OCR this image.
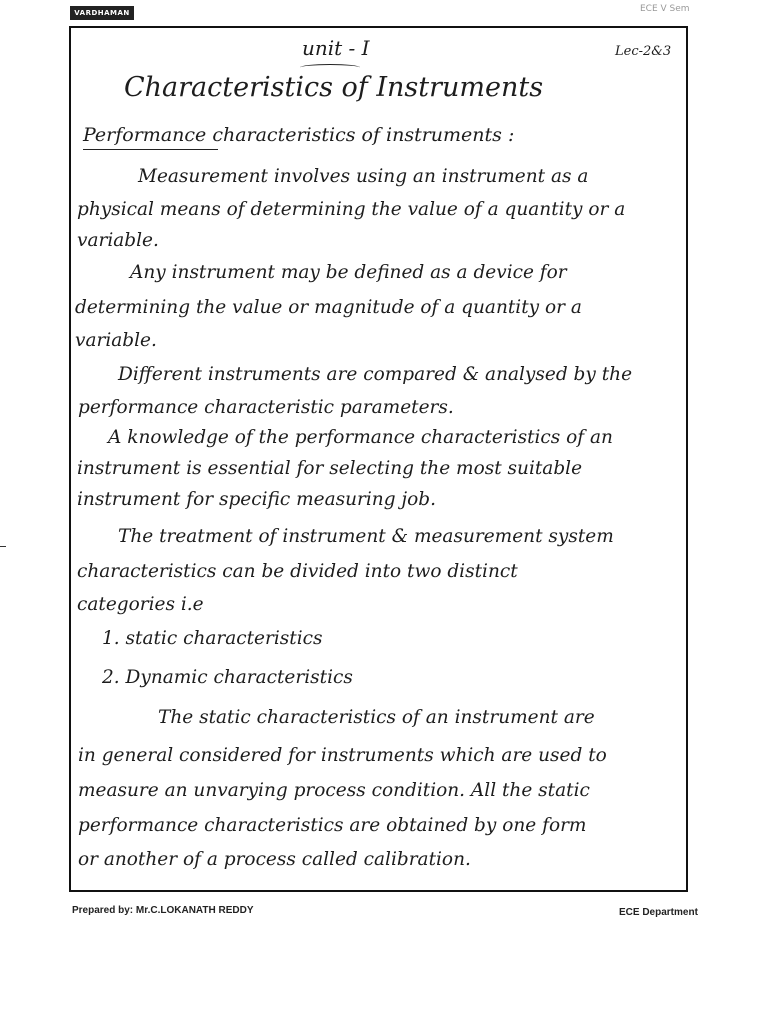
VARDHAMAN	ECE V Sem
unit - I	Lec-2&3
Characteristics of Instruments
Performance characteristics of instruments :
Measurement involves using an instrument as a
physical means of determining the value of a quantity or a
variable.
Any instrument may be defined as a device for
determining the value or magnitude of a quantity or a
variable.
Different instruments are compared & analysed by the
performance characteristic parameters.
A knowledge of the performance characteristics of an
instrument is essential for selecting the most suitable
instrument for specific measuring job.
The treatment of instrument & measurement system
characteristics can be divided into two distinct
categories i.e
1. static characteristics
2. Dynamic characteristics
The static characteristics of an instrument are
in general considered for instruments which are used to
measure an unvarying process condition. All the static
performance characteristics are obtained by one form
or another of a process called calibration.
Prepared by: Mr.C.LOKANATH REDDY	ECE Department
